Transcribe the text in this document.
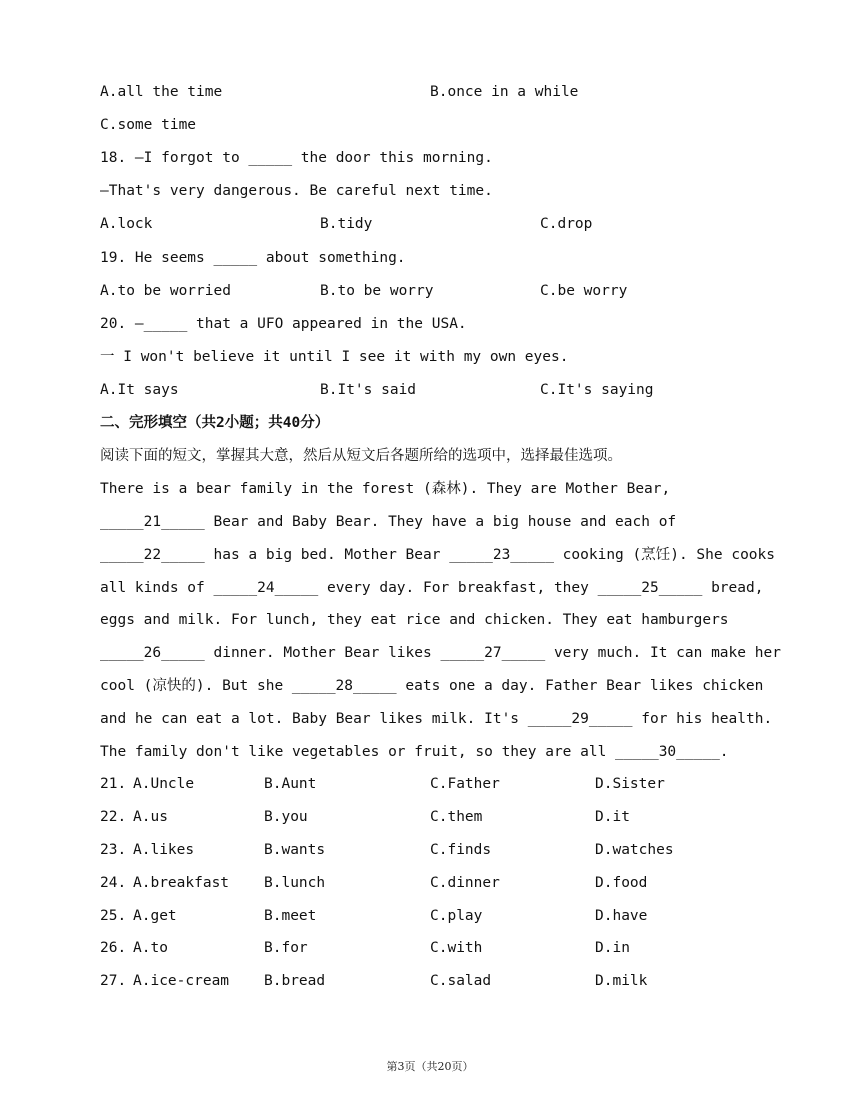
A.all the time	B.once in a while
C.some time
18. —I forgot to _____ the door this morning.
—That's very dangerous. Be careful next time.
A.lock	B.tidy	C.drop
19. He seems _____ about something.
A.to be worried	B.to be worry	C.be worry
20. —_____ that a UFO appeared in the USA.
一 I won't believe it until I see it with my own eyes.
A.It says	B.It's said	C.It's saying
二、完形填空（共2小题；共40分）
阅读下面的短文，掌握其大意，然后从短文后各题所给的选项中，选择最佳选项。
There is a bear family in the forest (森林). They are Mother Bear,
_____21_____ Bear and Baby Bear. They have a big house and each of
_____22_____ has a big bed. Mother Bear _____23_____ cooking (烹饪). She cooks
all kinds of _____24_____ every day. For breakfast, they _____25_____ bread,
eggs and milk. For lunch, they eat rice and chicken. They eat hamburgers
_____26_____ dinner. Mother Bear likes _____27_____ very much. It can make her
cool (凉快的). But she _____28_____ eats one a day. Father Bear likes chicken
and he can eat a lot. Baby Bear likes milk. It's _____29_____ for his health.
The family don't like vegetables or fruit, so they are all _____30_____.
21. A.Uncle	B.Aunt	C.Father	D.Sister
22. A.us	B.you	C.them	D.it
23. A.likes	B.wants	C.finds	D.watches
24. A.breakfast B.lunch	C.dinner	D.food
25. A.get	B.meet	C.play	D.have
26. A.to	B.for	C.with	D.in
27. A.ice-cream B.bread	C.salad	D.milk
第3页（共20页）
